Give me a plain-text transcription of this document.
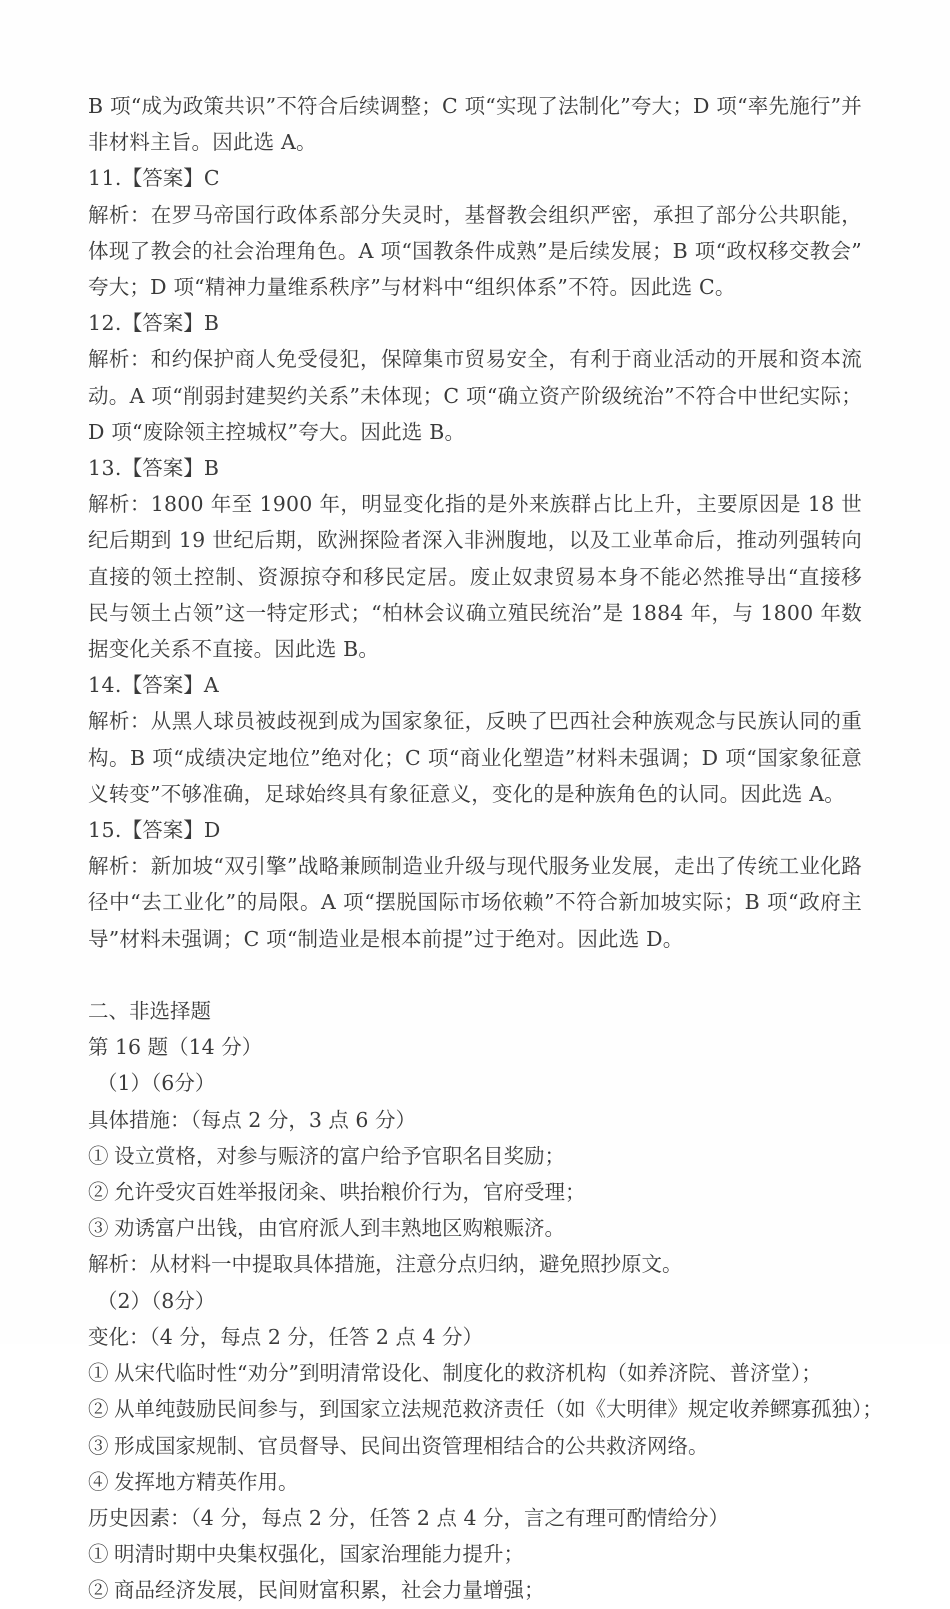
B 项“成为政策共识”不符合后续调整；C 项“实现了法制化”夸大；D 项“率先施行”并非材料主旨。因此选 A。

11.【答案】C

解析：在罗马帝国行政体系部分失灵时，基督教会组织严密，承担了部分公共职能，体现了教会的社会治理角色。A 项“国教条件成熟”是后续发展；B 项“政权移交教会”夸大；D 项“精神力量维系秩序”与材料中“组织体系”不符。因此选 C。

12.【答案】B

解析：和约保护商人免受侵犯，保障集市贸易安全，有利于商业活动的开展和资本流动。A 项“削弱封建契约关系”未体现；C 项“确立资产阶级统治”不符合中世纪实际；D 项“废除领主控城权”夸大。因此选 B。

13.【答案】B

解析：1800 年至 1900 年，明显变化指的是外来族群占比上升，主要原因是 18 世纪后期到 19 世纪后期，欧洲探险者深入非洲腹地，以及工业革命后，推动列强转向直接的领土控制、资源掠夺和移民定居。废止奴隶贸易本身不能必然推导出“直接移民与领土占领”这一特定形式；“柏林会议确立殖民统治”是 1884 年，与 1800 年数据变化关系不直接。因此选 B。

14.【答案】A

解析：从黑人球员被歧视到成为国家象征，反映了巴西社会种族观念与民族认同的重构。B 项“成绩决定地位”绝对化；C 项“商业化塑造”材料未强调；D 项“国家象征意义转变”不够准确，足球始终具有象征意义，变化的是种族角色的认同。因此选 A。

15.【答案】D

解析：新加坡“双引擎”战略兼顾制造业升级与现代服务业发展，走出了传统工业化路径中“去工业化”的局限。A 项“摆脱国际市场依赖”不符合新加坡实际；B 项“政府主导”材料未强调；C 项“制造业是根本前提”过于绝对。因此选 D。

二、非选择题
第 16 题（14 分）
（1）（6分）
具体措施：（每点 2 分，3 点 6 分）
① 设立赏格，对参与赈济的富户给予官职名目奖励；
② 允许受灾百姓举报闭籴、哄抬粮价行为，官府受理；
③ 劝诱富户出钱，由官府派人到丰熟地区购粮赈济。
解析：从材料一中提取具体措施，注意分点归纳，避免照抄原文。
（2）（8分）
变化：（4 分，每点 2 分，任答 2 点 4 分）
① 从宋代临时性“劝分”到明清常设化、制度化的救济机构（如养济院、普济堂）；
② 从单纯鼓励民间参与，到国家立法规范救济责任（如《大明律》规定收养鳏寡孤独）；
③ 形成国家规制、官员督导、民间出资管理相结合的公共救济网络。
④ 发挥地方精英作用。
历史因素：（4 分，每点 2 分，任答 2 点 4 分，言之有理可酌情给分）
① 明清时期中央集权强化，国家治理能力提升；
② 商品经济发展，民间财富积累，社会力量增强；
